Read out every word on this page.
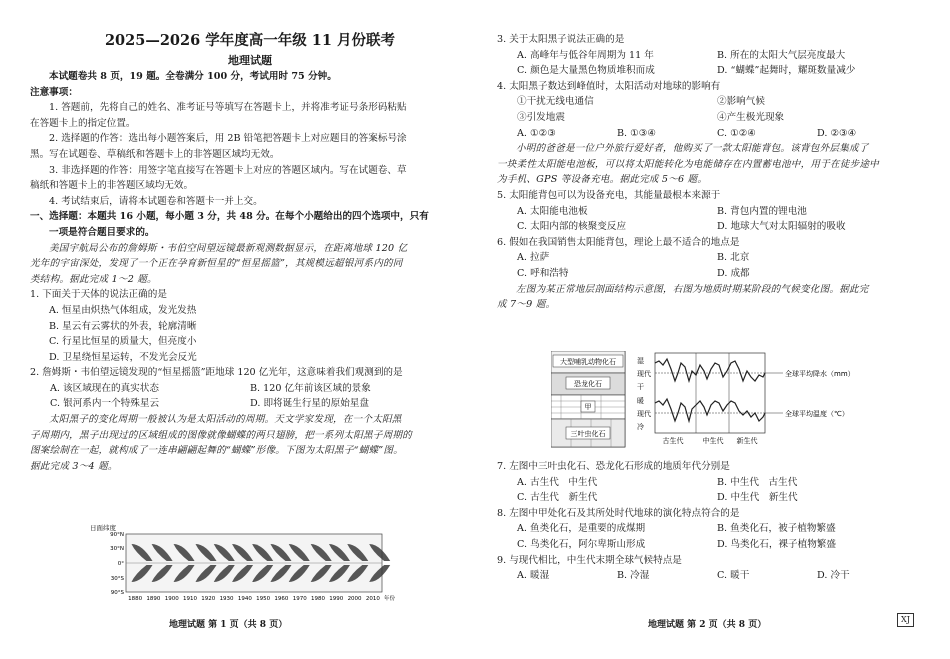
2025—2026 学年度高一年级 11 月份联考
地理试题
本试题卷共 8 页，19 题。全卷满分 100 分，考试用时 75 分钟。
注意事项：
1. 答题前，先将自己的姓名、准考证号等填写在答题卡上，并将准考证号条形码粘贴
在答题卡上的指定位置。
2. 选择题的作答：选出每小题答案后，用 2B 铅笔把答题卡上对应题目的答案标号涂
黑。写在试题卷、草稿纸和答题卡上的非答题区域均无效。
3. 非选择题的作答：用签字笔直接写在答题卡上对应的答题区域内。写在试题卷、草
稿纸和答题卡上的非答题区域均无效。
4. 考试结束后，请将本试题卷和答题卡一并上交。
一、选择题：本题共 16 小题，每小题 3 分，共 48 分。在每个小题给出的四个选项中，只有
一项是符合题目要求的。
美国宇航局公布的詹姆斯・韦伯空间望远镜最新观测数据显示，在距离地球 120 亿
光年的宇宙深处，发现了一个正在孕育新恒星的“恒星摇篮”，其规模远超银河系内的同
类结构。据此完成 1～2 题。
1. 下面关于天体的说法正确的是
A. 恒星由炽热气体组成，发光发热
B. 星云有云雾状的外表，轮廓清晰
C. 行星比恒星的质量大，但亮度小
D. 卫星绕恒星运转，不发光会反光
2. 詹姆斯・韦伯望远镜发现的“恒星摇篮”距地球 120 亿光年，这意味着我们观测到的是
A. 该区域现在的真实状态	B. 120 亿年前该区域的景象
C. 银河系内一个特殊星云	D. 即将诞生行星的原始星盘
太阳黑子的变化周期一般被认为是太阳活动的周期。天文学家发现，在一个太阳黑
子周期内，黑子出现过的区域组成的图像就像蝴蝶的两只翅膀，把一系列太阳黑子周期的
图案绘制在一起，就构成了一连串翩翩起舞的“蝴蝶”形像。下图为太阳黑子“蝴蝶”图。
据此完成 3～4 题。
日面纬度
90°N
30°N
0°
30°S
90°S
1880 1890 1900 1910 1920 1930 1940 1950 1960 1970 1980 1990 2000 2010 年份
地理试题 第 1 页（共 8 页）
3. 关于太阳黑子说法正确的是
A. 高峰年与低谷年周期为 11 年	B. 所在的太阳大气层亮度最大
C. 颜色是大量黑色物质堆积而成	D. “蝴蝶”起舞时，耀斑数量减少
4. 太阳黑子数达到峰值时，太阳活动对地球的影响有
①干扰无线电通信	②影响气候
③引发地震	④产生极光现象
A. ①②③	B. ①③④	C. ①②④	D. ②③④
小明的爸爸是一位户外旅行爱好者，他购买了一款太阳能背包。该背包外层集成了
一块柔性太阳能电池板，可以将太阳能转化为电能储存在内置蓄电池中，用于在徒步途中
为手机、GPS 等设备充电。据此完成 5～6 题。
5. 太阳能背包可以为设备充电，其能量最根本来源于
A. 太阳能电池板	B. 背包内置的锂电池
C. 太阳内部的核聚变反应	D. 地球大气对太阳辐射的吸收
6. 假如在我国销售太阳能背包，理论上最不适合的地点是
A. 拉萨	B. 北京
C. 呼和浩特	D. 成都
左图为某正常地层剖面结构示意图，右图为地质时期某阶段的气候变化图。据此完
成 7～9 题。
大型哺乳动物化石
恐龙化石
甲
三叶虫化石
湿
现代
干
暖
现代
冷
古生代	中生代 新生代
全球平均降水（mm）
全球平均温度（℃）
7. 左图中三叶虫化石、恐龙化石形成的地质年代分别是
A. 古生代　中生代	B. 中生代　古生代
C. 古生代　新生代	D. 中生代　新生代
8. 左图中甲处化石及其所处时代地球的演化特点符合的是
A. 鱼类化石，是重要的成煤期	B. 鱼类化石，被子植物繁盛
C. 鸟类化石，阿尔卑斯山形成	D. 鸟类化石，裸子植物繁盛
9. 与现代相比，中生代末期全球气候特点是
A. 暖湿	B. 冷湿	C. 暖干	D. 冷干
地理试题 第 2 页（共 8 页）
XJ
